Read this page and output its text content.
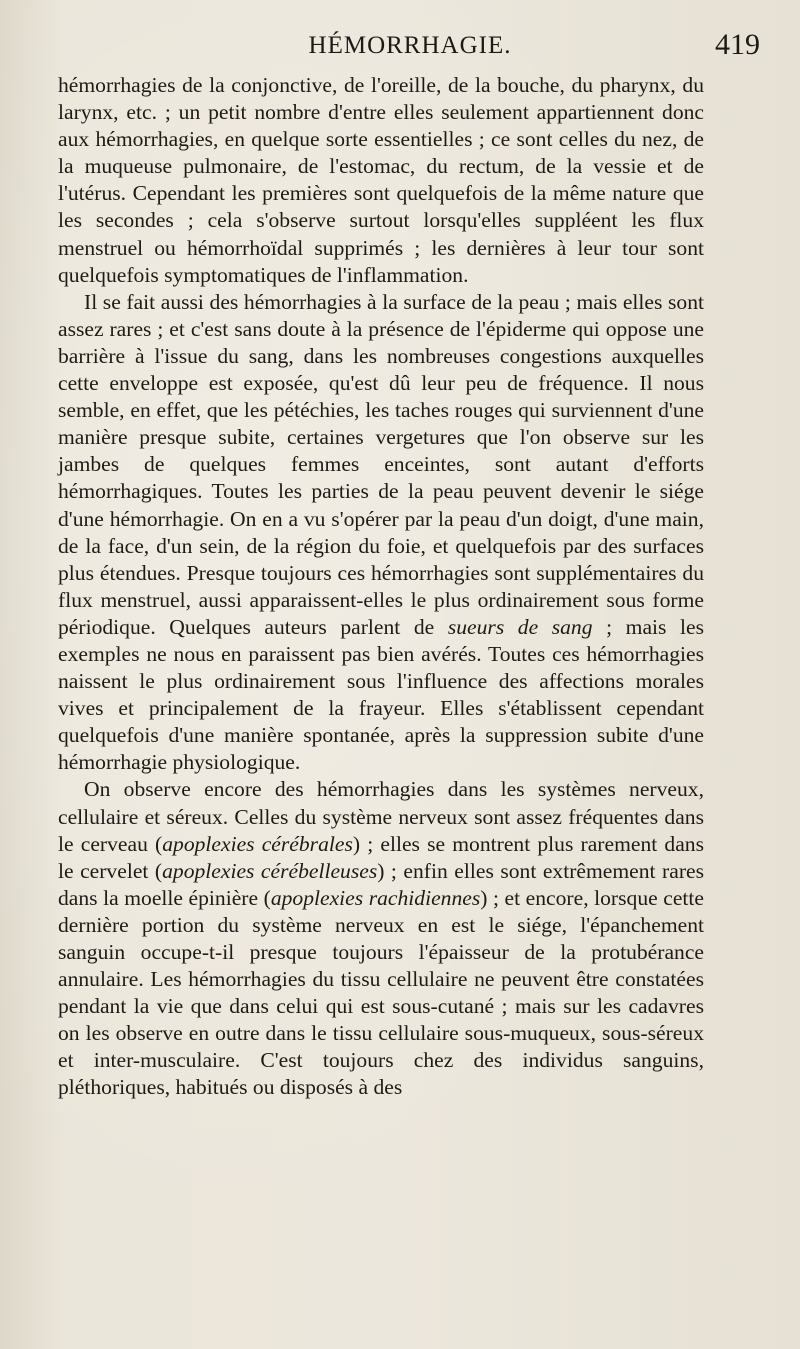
HÉMORRHAGIE.	419

hémorrhagies de la conjonctive, de l'oreille, de la bouche, du pharynx, du larynx, etc. ; un petit nombre d'entre elles seulement appartiennent donc aux hémorrhagies, en quelque sorte essentielles ; ce sont celles du nez, de la muqueuse pulmonaire, de l'estomac, du rectum, de la vessie et de l'utérus. Cependant les premières sont quelquefois de la même nature que les secondes ; cela s'observe surtout lorsqu'elles suppléent les flux menstruel ou hémorrhoïdal supprimés ; les dernières à leur tour sont quelquefois symptomatiques de l'inflammation.

Il se fait aussi des hémorrhagies à la surface de la peau ; mais elles sont assez rares ; et c'est sans doute à la présence de l'épiderme qui oppose une barrière à l'issue du sang, dans les nombreuses congestions auxquelles cette enveloppe est exposée, qu'est dû leur peu de fréquence. Il nous semble, en effet, que les pétéchies, les taches rouges qui surviennent d'une manière presque subite, certaines vergetures que l'on observe sur les jambes de quelques femmes enceintes, sont autant d'efforts hémorrhagiques. Toutes les parties de la peau peuvent devenir le siége d'une hémorrhagie. On en a vu s'opérer par la peau d'un doigt, d'une main, de la face, d'un sein, de la région du foie, et quelquefois par des surfaces plus étendues. Presque toujours ces hémorrhagies sont supplémentaires du flux menstruel, aussi apparaissent-elles le plus ordinairement sous forme périodique. Quelques auteurs parlent de sueurs de sang ; mais les exemples ne nous en paraissent pas bien avérés. Toutes ces hémorrhagies naissent le plus ordinairement sous l'influence des affections morales vives et principalement de la frayeur. Elles s'établissent cependant quelquefois d'une manière spontanée, après la suppression subite d'une hémorrhagie physiologique.

On observe encore des hémorrhagies dans les systèmes nerveux, cellulaire et séreux. Celles du système nerveux sont assez fréquentes dans le cerveau (apoplexies cérébrales) ; elles se montrent plus rarement dans le cervelet (apoplexies cérébelleuses) ; enfin elles sont extrêmement rares dans la moelle épinière (apoplexies rachidiennes) ; et encore, lorsque cette dernière portion du système nerveux en est le siége, l'épanchement sanguin occupe-t-il presque toujours l'épaisseur de la protubérance annulaire. Les hémorrhagies du tissu cellulaire ne peuvent être constatées pendant la vie que dans celui qui est sous-cutané ; mais sur les cadavres on les observe en outre dans le tissu cellulaire sous-muqueux, sous-séreux et inter-musculaire. C'est toujours chez des individus sanguins, pléthoriques, habitués ou disposés à des
